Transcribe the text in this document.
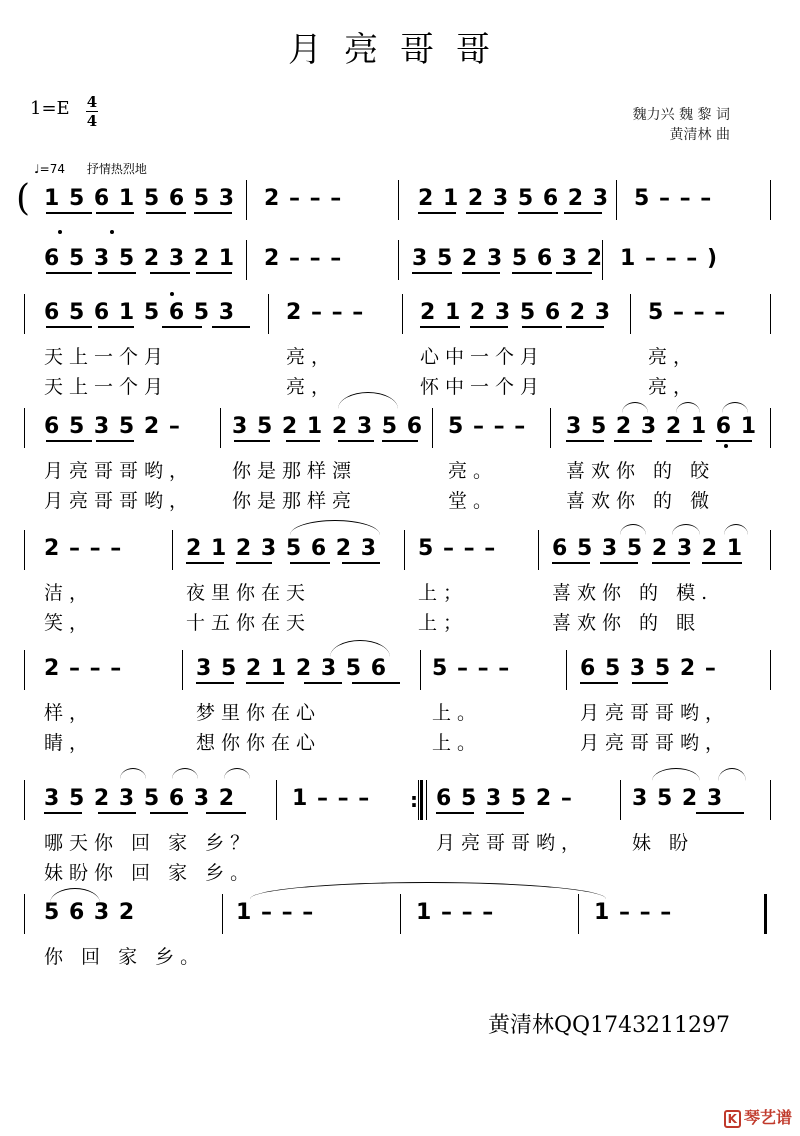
月亮哥哥
1=E 4
4	魏力兴 魏 黎 词
黄清林 曲
♩=74 抒情热烈地
1 5 6 1 5 6 5 3 2 – – –	2 1 2 3 5 6 2 3 5 – – –
6 5 3 5 2 3 2 1 2 – – –	3 5 2 3 5 6 3 2 1 – – – )
6 5 6 1 5 6 5 3 2 – – –	2 1 2 3 5 6 2 3 5 – – –
天上一个月	亮，	心中一个月	亮，
天上一个月	亮，	怀中一个月	亮，
6 5 3 5 2 – 3 5 2 1 2 3 5 6 5 – – – 3 5 2 3 2 1 6 1
月亮哥哥哟， 你是那样漂	亮。	喜欢你 的 皎
月亮哥哥哟， 你是那样亮	堂。	喜欢你 的 微
2 – – –	2 1 2 3 5 6 2 3 5 – – –	6 5 3 5 2 3 2 1
洁，	夜里你在天	上；	喜欢你 的 模.
笑，	十五你在天	上；	喜欢你 的 眼
2 – – –	3 5 2 1 2 3 5 6 5 – – –	6 5 3 5 2 –
样，	梦里你在心	上。	月亮哥哥哟，
睛，	想你你在心	上。	月亮哥哥哟，
3 5 2 3 5 6 3 2	1 – – –	6 5 3 5 2 –	3 5 2 3
哪天你 回 家 乡？	月亮哥哥哟， 妹 盼
妹盼你 回 家 乡。
5 6 3 2	1 – – –	1 – – –	1 – – –
你 回 家 乡。
(
:
黄清林QQ1743211297
K 琴艺谱
